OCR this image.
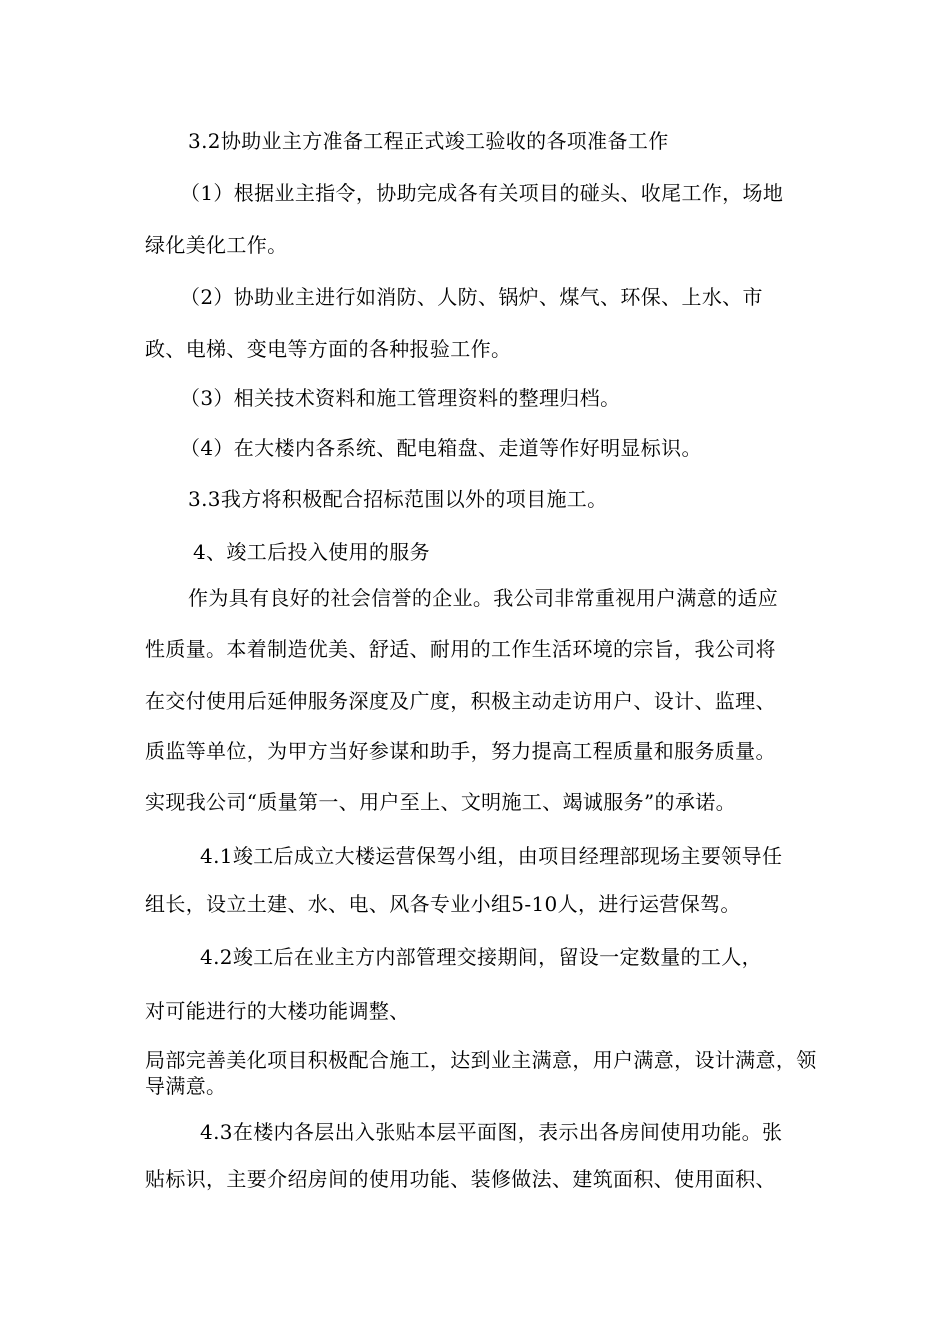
3.2协助业主方准备工程正式竣工验收的各项准备工作
（1）根据业主指令，协助完成各有关项目的碰头、收尾工作，场地
绿化美化工作。
（2）协助业主进行如消防、人防、锅炉、煤气、环保、上水、市
政、电梯、变电等方面的各种报验工作。
（3）相关技术资料和施工管理资料的整理归档。
（4）在大楼内各系统、配电箱盘、走道等作好明显标识。
3.3我方将积极配合招标范围以外的项目施工。
4、竣工后投入使用的服务
作为具有良好的社会信誉的企业。我公司非常重视用户满意的适应
性质量。本着制造优美、舒适、耐用的工作生活环境的宗旨，我公司将
在交付使用后延伸服务深度及广度，积极主动走访用户、设计、监理、
质监等单位，为甲方当好参谋和助手，努力提高工程质量和服务质量。
实现我公司“质量第一、用户至上、文明施工、竭诚服务”的承诺。
4.1竣工后成立大楼运营保驾小组，由项目经理部现场主要领导任
组长，设立土建、水、电、风各专业小组5-10人，进行运营保驾。
4.2竣工后在业主方内部管理交接期间，留设一定数量的工人，
对可能进行的大楼功能调整、
局部完善美化项目积极配合施工，达到业主满意，用户满意，设计满意，领导满意。
4.3在楼内各层出入张贴本层平面图，表示出各房间使用功能。张
贴标识，主要介绍房间的使用功能、装修做法、建筑面积、使用面积、
